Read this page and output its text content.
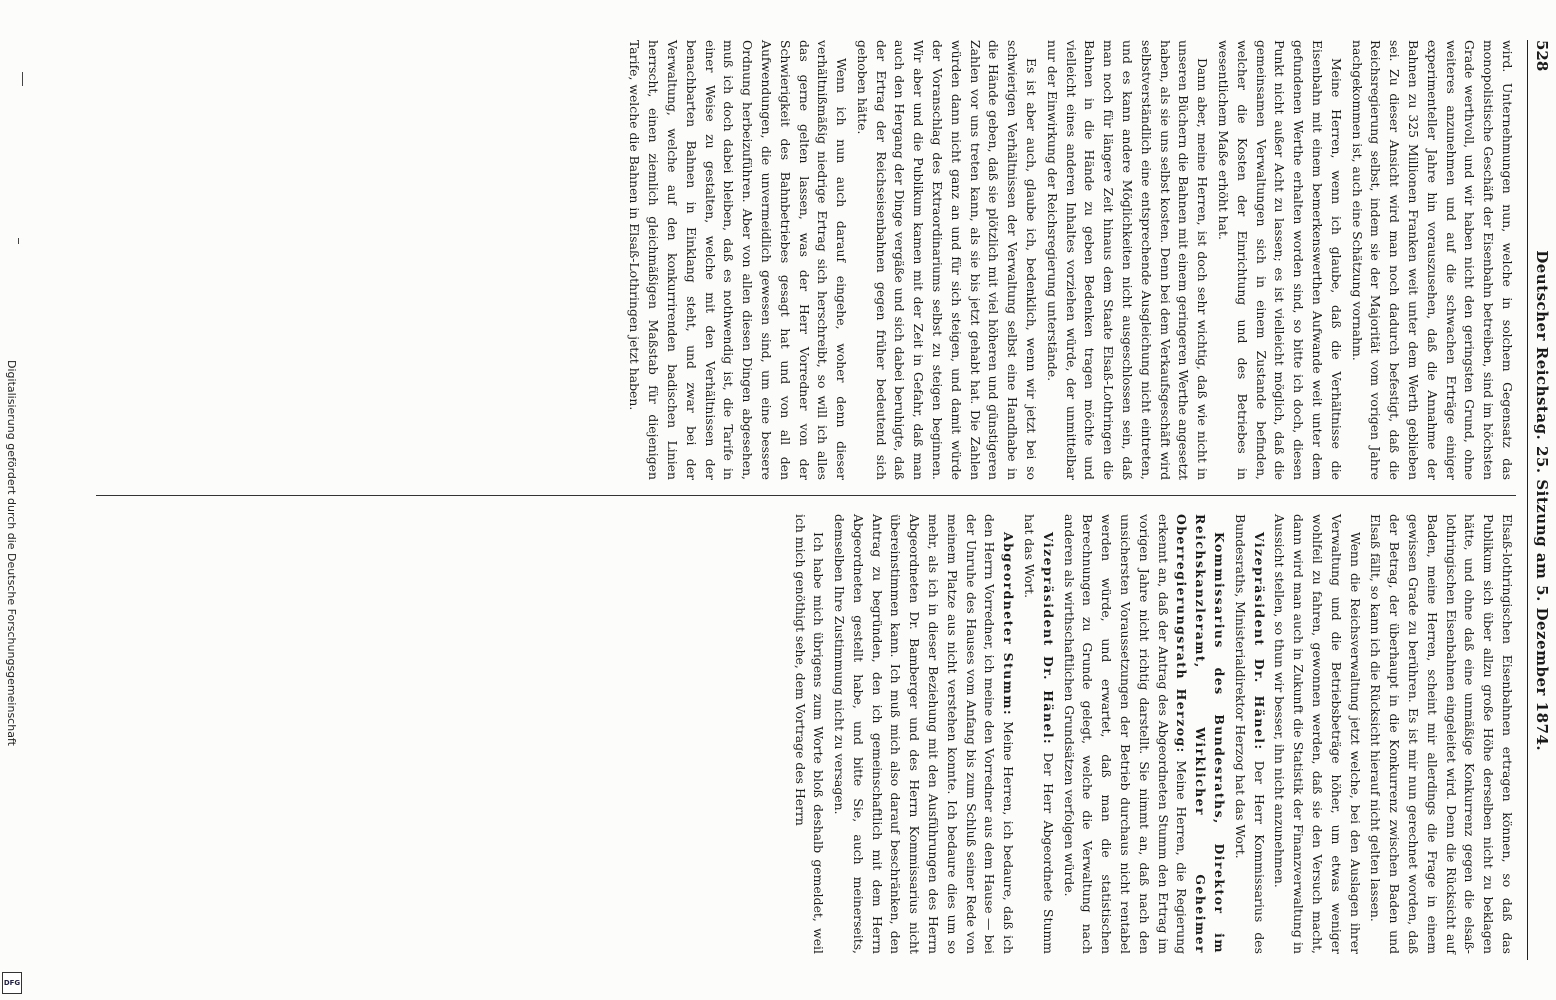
528
Deutscher Reichstag. 25. Sitzung am 5. Dezember 1874.

wird. Unternehmungen nun, welche in solchem Gegensatz das monopolistische Geschäft der Eisenbahn betreiben, sind im höchsten Grade werthvoll, und wir haben nicht den geringsten Grund, ohne weiteres anzunehmen und auf die schwachen Erträge einiger experimenteller Jahre hin vorauszusehen, daß die Annahme der Bahnen zu 325 Millionen Franken weit unter dem Werth geblieben sei. Zu dieser Ansicht wird man noch dadurch befestigt, daß die Reichsregierung selbst, indem sie der Majorität vom vorigen Jahre nachgekommen ist, auch eine Schätzung vornahm.

Meine Herren, wenn ich glaube, daß die Verhältnisse die Eisenbahn mit einem bemerkenswerthen Aufwande weit unter dem gefundenen Werthe erhalten worden sind, so bitte ich doch, diesen Punkt nicht außer Acht zu lassen; es ist vielleicht möglich, daß die gemeinsamen Verwaltungen sich in einem Zustande befinden, welcher die Kosten der Einrichtung und des Betriebes in wesentlichem Maße erhöht hat.

Dann aber, meine Herren, ist doch sehr wichtig, daß wie nicht in unseren Büchern die Bahnen mit einem geringeren Werthe angesetzt haben, als sie uns selbst kosten. Denn bei dem Verkaufsgeschäft wird selbstverständlich eine entsprechende Ausgleichung nicht eintreten, und es kann andere Möglichkeiten nicht ausgeschlossen sein, daß man noch für längere Zeit hinaus dem Staate Elsaß-Lothringen die Bahnen in die Hände zu geben Bedenken tragen möchte und vielleicht eines anderen Inhaltes vorziehen würde, der unmittelbar nur der Einwirkung der Reichsregierung unterstände.

Es ist aber auch, glaube ich, bedenklich, wenn wir jetzt bei so schwierigen Verhältnissen der Verwaltung selbst eine Handhabe in die Hände geben, daß sie plötzlich mit viel höheren und günstigeren Zahlen vor uns treten kann, als sie bis jetzt gehabt hat. Die Zahlen würden dann nicht ganz an und für sich steigen, und damit würde der Voranschlag des Extraordinariums selbst zu steigen beginnen. Wir aber und die Publikum kamen mit der Zeit in Gefahr, daß man auch den Hergang der Dinge vergäße und sich dabei beruhigte, daß der Ertrag der Reichseisenbahnen gegen früher bedeutend sich gehoben hätte.

Wenn ich nun auch darauf eingehe, woher denn dieser verhältnißmäßig niedrige Ertrag sich herschreibt, so will ich alles das gerne gelten lassen, was der Herr Vorredner von der Schwierigkeit des Bahnbetriebes gesagt hat und von all den Aufwendungen, die unvermeidlich gewesen sind, um eine bessere Ordnung herbeizuführen. Aber von allen diesen Dingen abgesehen, muß ich doch dabei bleiben, daß es nothwendig ist, die Tarife in einer Weise zu gestalten, welche mit den Verhältnissen der benachbarten Bahnen in Einklang steht, und zwar bei der Verwaltung, welche auf den konkurrirenden badischen Linien herrscht, einen ziemlich gleichmäßigen Maßstab für diejenigen Tarife, welche die Bahnen in Elsaß-Lothringen jetzt haben.

Elsaß-lothringischen Eisenbahnen ertragen können, so daß das Publikum sich über allzu große Höhe derselben nicht zu beklagen hätte, und ohne daß eine unmäßige Konkurrenz gegen die elsaß-lothringischen Eisenbahnen eingeleitet wird. Denn die Rücksicht auf Baden, meine Herren, scheint mir allerdings die Frage in einem gewissen Grade zu berühren. Es ist mir nun gerechnet worden, daß der Betrag, der überhaupt in die Konkurrenz zwischen Baden und Elsaß fällt, so kann ich die Rücksicht hierauf nicht gelten lassen.

Wenn die Reichsverwaltung jetzt welche, bei den Auslagen ihrer Verwaltung und die Betriebsbeträge höher, um etwas weniger wohlfeil zu fahren, gewonnen werden, daß sie den Versuch macht, dann wird man auch in Zukunft die Statistik der Finanzverwaltung in Aussicht stellen, so thun wir besser, ihn nicht anzunehmen.

Vizepräsident Dr. Hänel: Der Herr Kommissarius des Bundesraths, Ministerialdirektor Herzog hat das Wort.

Kommissarius des Bundesraths, Direktor im Reichskanzleramt, Wirklicher Geheimer Oberregierungsrath Herzog: Meine Herren, die Regierung erkennt an, daß der Antrag des Abgeordneten Stumm den Ertrag im vorigen Jahre nicht richtig darstellt. Sie nimmt an, daß nach den unsichersten Voraussetzungen der Betrieb durchaus nicht rentabel werden würde, und erwartet, daß man die statistischen Berechnungen zu Grunde gelegt, welche die Verwaltung nach anderen als wirthschaftlichen Grundsätzen verfolgen würde.

Vizepräsident Dr. Hänel: Der Herr Abgeordnete Stumm hat das Wort.

Abgeordneter Stumm: Meine Herren, ich bedaure, daß ich den Herrn Vorredner, ich meine den Vorredner aus dem Hause — bei der Unruhe des Hauses vom Anfang bis zum Schluß seiner Rede von meinem Platze aus nicht verstehen konnte. Ich bedaure dies um so mehr, als ich in dieser Beziehung mit den Ausführungen des Herrn Abgeordneten Dr. Bamberger und des Herrn Kommissarius nicht übereinstimmen kann. Ich muß mich also darauf beschränken, den Antrag zu begründen, den ich gemeinschaftlich mit dem Herrn Abgeordneten gestellt habe, und bitte Sie, auch meinerseits, demselben Ihre Zustimmung nicht zu versagen.

Ich habe mich übrigens zum Worte bloß deshalb gemeldet, weil ich mich genöthigt sehe, dem Vortrage des Herrn

Digitalisierung gefördert durch die Deutsche Forschungsgemeinschaft
DFG
